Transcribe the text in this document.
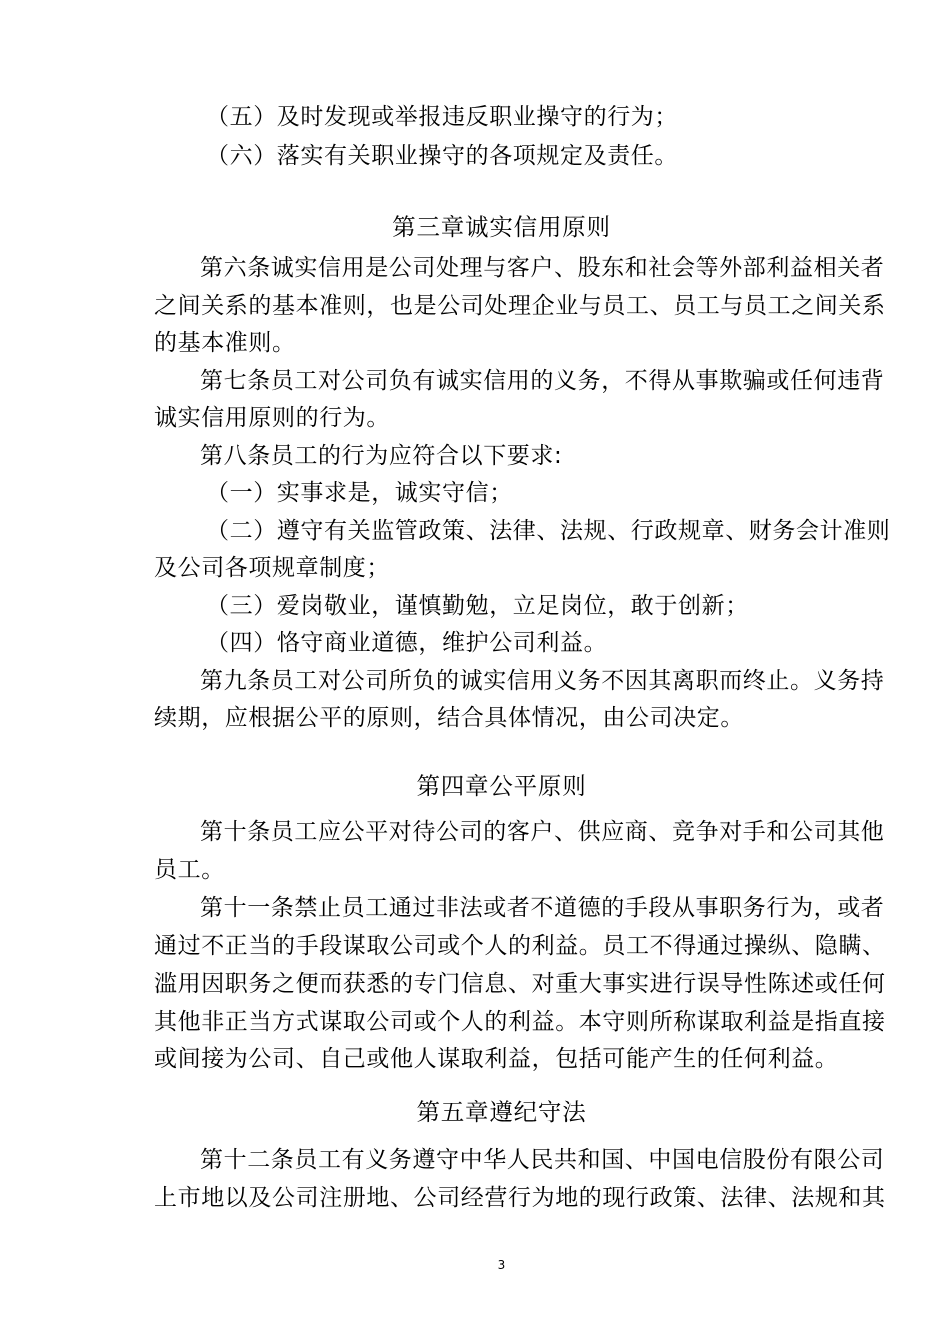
（五）及时发现或举报违反职业操守的行为；
（六）落实有关职业操守的各项规定及责任。
第三章诚实信用原则
第六条诚实信用是公司处理与客户、股东和社会等外部利益相关者
之间关系的基本准则，也是公司处理企业与员工、员工与员工之间关系
的基本准则。
第七条员工对公司负有诚实信用的义务，不得从事欺骗或任何违背
诚实信用原则的行为。
第八条员工的行为应符合以下要求:
（一）实事求是，诚实守信；
（二）遵守有关监管政策、法律、法规、行政规章、财务会计准则
及公司各项规章制度；
（三）爱岗敬业，谨慎勤勉，立足岗位，敢于创新；
（四）恪守商业道德，维护公司利益。
第九条员工对公司所负的诚实信用义务不因其离职而终止。义务持
续期，应根据公平的原则，结合具体情况，由公司决定。
第四章公平原则
第十条员工应公平对待公司的客户、供应商、竞争对手和公司其他
员工。
第十一条禁止员工通过非法或者不道德的手段从事职务行为，或者
通过不正当的手段谋取公司或个人的利益。员工不得通过操纵、隐瞒、
滥用因职务之便而获悉的专门信息、对重大事实进行误导性陈述或任何
其他非正当方式谋取公司或个人的利益。本守则所称谋取利益是指直接
或间接为公司、自己或他人谋取利益，包括可能产生的任何利益。
第五章遵纪守法
第十二条员工有义务遵守中华人民共和国、中国电信股份有限公司
上市地以及公司注册地、公司经营行为地的现行政策、法律、法规和其
3
